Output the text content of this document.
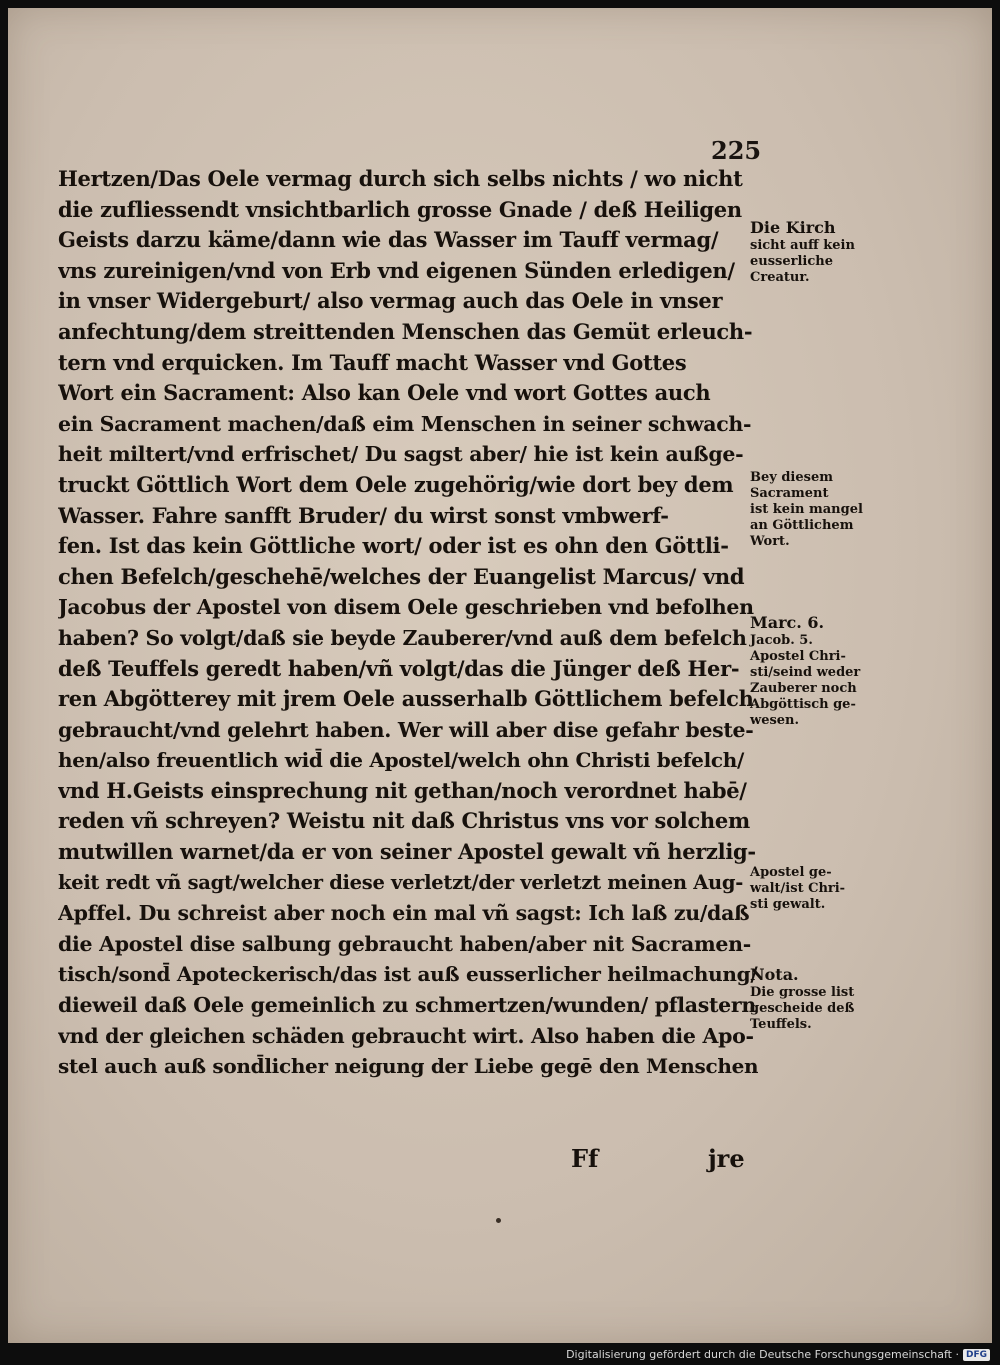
225
Hertzen/Das Oele vermag durch sich selbs nichts / wo nicht
die zufliessendt vnsichtbarlich grosse Gnade / deß Heiligen
Geists darzu käme/dann wie das Wasser im Tauff vermag/
vns zureinigen/vnd von Erb vnd eigenen Sünden erledigen/
in vnser Widergeburt/ also vermag auch das Oele in vnser
anfechtung/dem streittenden Menschen das Gemüt erleuch-
tern vnd erquicken. Im Tauff macht Wasser vnd Gottes
Wort ein Sacrament: Also kan Oele vnd wort Gottes auch
ein Sacrament machen/daß eim Menschen in seiner schwach-
heit miltert/vnd erfrischet/ Du sagst aber/ hie ist kein außge-
truckt Göttlich Wort dem Oele zugehörig/wie dort bey dem
Wasser. Fahre sanfft Bruder/ du wirst sonst vmbwerf-
fen. Ist das kein Göttliche wort/ oder ist es ohn den Göttli-
chen Befelch/geschehē/welches der Euangelist Marcus/ vnd
Jacobus der Apostel von disem Oele geschrieben vnd befolhen
haben? So volgt/daß sie beyde Zauberer/vnd auß dem befelch
deß Teuffels geredt haben/vñ volgt/das die Jünger deß Her-
ren Abgötterey mit jrem Oele ausserhalb Göttlichem befelch
gebraucht/vnd gelehrt haben. Wer will aber dise gefahr beste-
hen/also freuentlich wid̄ die Apostel/welch ohn Christi befelch/
vnd H.Geists einsprechung nit gethan/noch verordnet habē/
reden vñ schreyen? Weistu nit daß Christus vns vor solchem
mutwillen warnet/da er von seiner Apostel gewalt vñ herzlig-
keit redt vñ sagt/welcher diese verletzt/der verletzt meinen Aug-
Apffel. Du schreist aber noch ein mal vñ sagst: Ich laß zu/daß
die Apostel dise salbung gebraucht haben/aber nit Sacramen-
tisch/sond̄ Apoteckerisch/das ist auß eusserlicher heilmachung/
dieweil daß Oele gemeinlich zu schmertzen/wunden/ pflastern
vnd der gleichen schäden gebraucht wirt. Also haben die Apo-
stel auch auß sond̄licher neigung der Liebe gegē den Menschen
Ff	jre
Die Kirch
sicht auff kein
eusserliche
Creatur.
Bey diesem
Sacrament
ist kein mangel
an Göttlichem
Wort.
Marc. 6.
Jacob. 5.
Apostel Chri-
sti/seind weder
Zauberer noch
Abgöttisch ge-
wesen.
Apostel ge-
walt/ist Chri-
sti gewalt.
Nota.
Die grosse list
gescheide deß
Teuffels.
Digitalisierung gefördert durch die Deutsche Forschungsgemeinschaft · DFG
